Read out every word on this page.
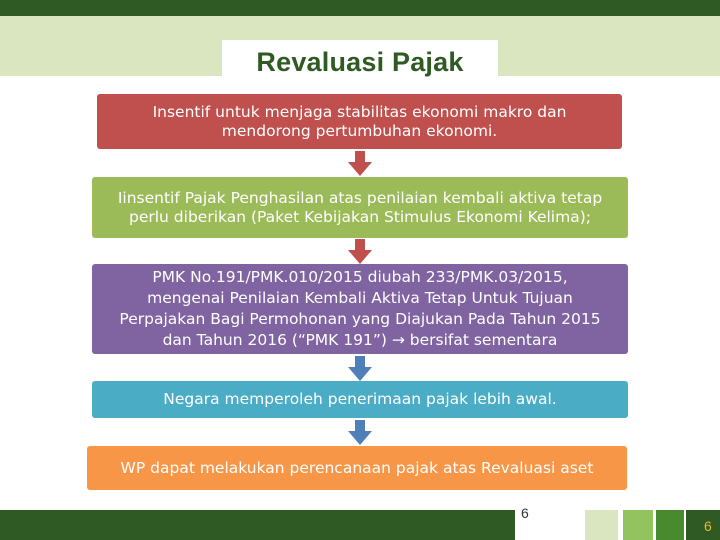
Revaluasi Pajak
Insentif untuk menjaga stabilitas ekonomi makro dan
mendorong pertumbuhan ekonomi.
Iinsentif Pajak Penghasilan atas penilaian kembali aktiva tetap
perlu diberikan (Paket Kebijakan Stimulus Ekonomi Kelima);
PMK No.191/PMK.010/2015 diubah 233/PMK.03/2015,
mengenai Penilaian Kembali Aktiva Tetap Untuk Tujuan
Perpajakan Bagi Permohonan yang Diajukan Pada Tahun 2015
dan Tahun 2016 (“PMK 191”) → bersifat sementara
Negara memperoleh penerimaan pajak lebih awal.
WP dapat melakukan perencanaan pajak atas Revaluasi aset
6
6
